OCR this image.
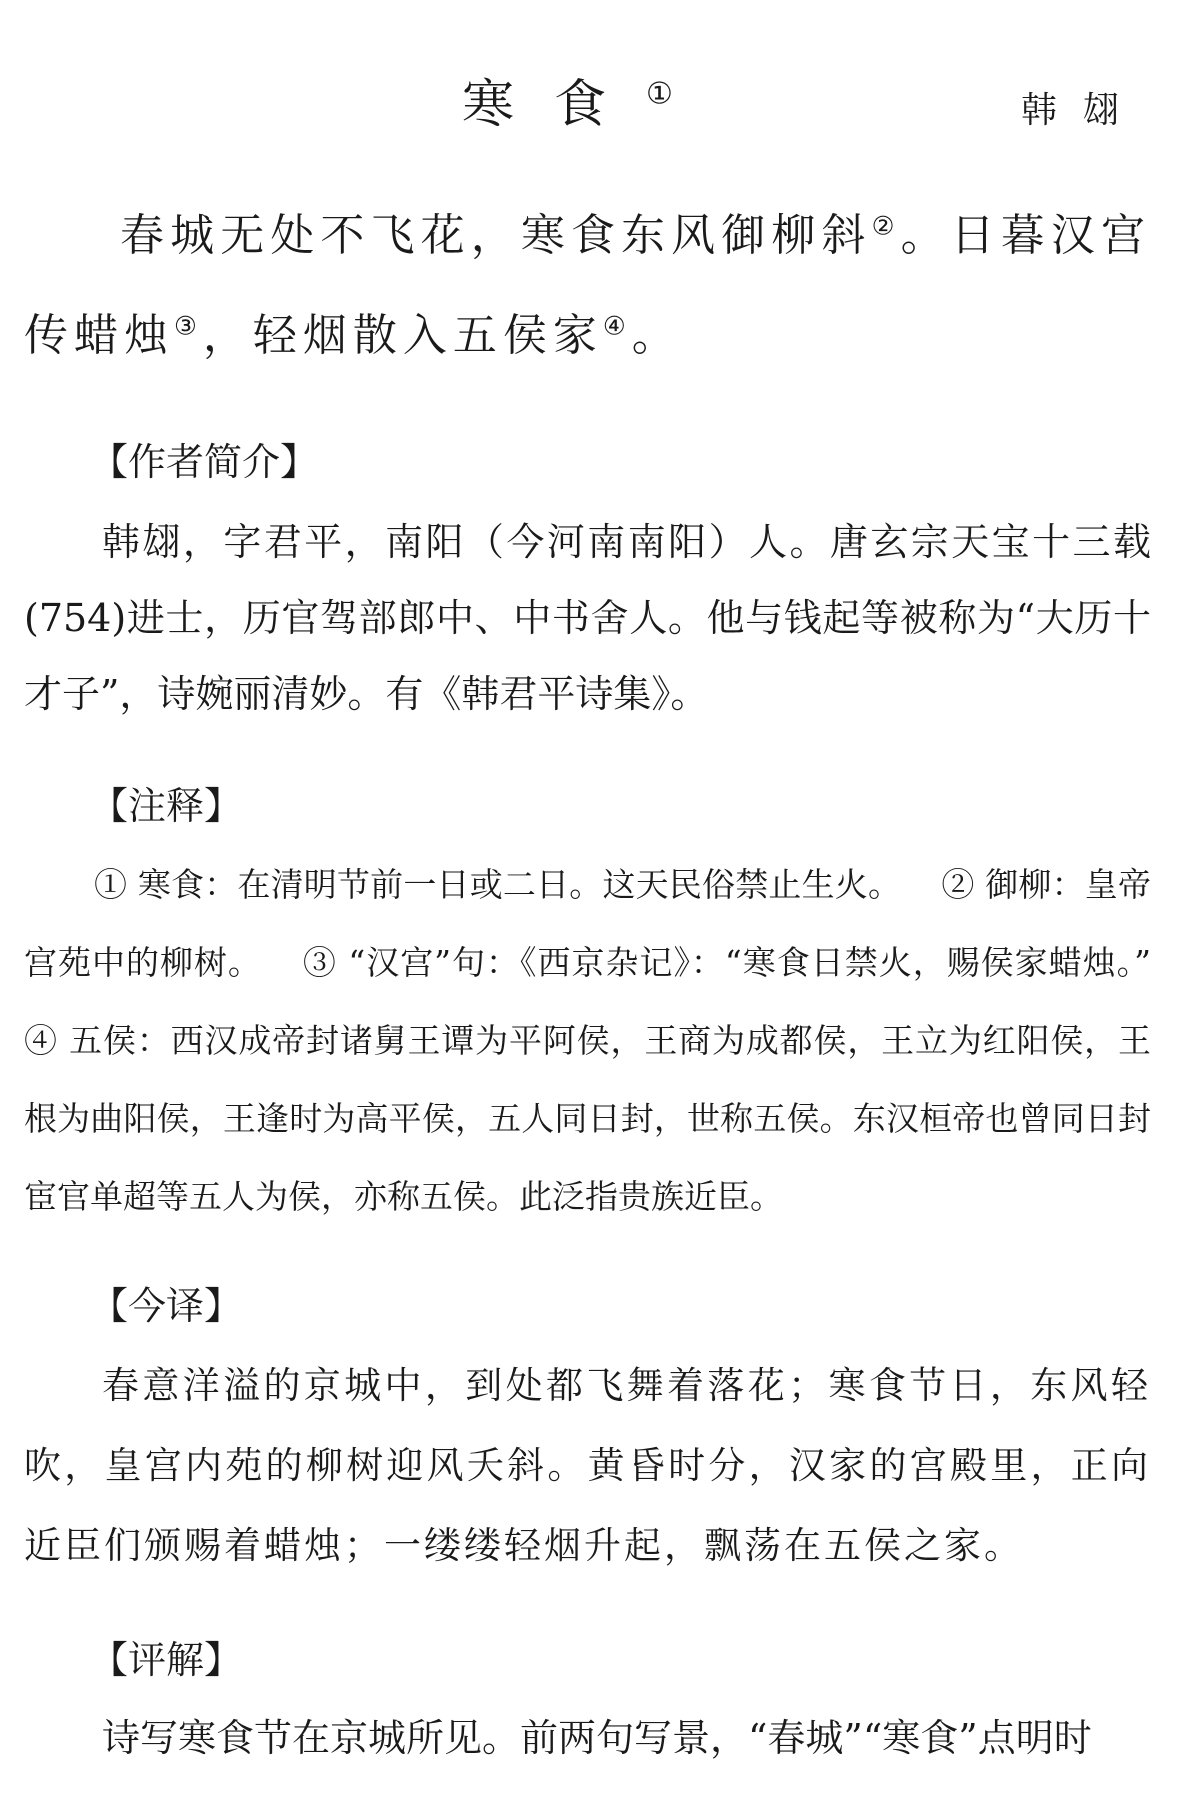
寒食①	韩翃

春城无处不飞花，寒食东风御柳斜②。日暮汉宫传蜡烛③，轻烟散入五侯家④。

【作者简介】

韩翃，字君平，南阳（今河南南阳）人。唐玄宗天宝十三载(754)进士，历官驾部郎中、中书舍人。他与钱起等被称为“大历十才子”，诗婉丽清妙。有《韩君平诗集》。

【注释】

① 寒食：在清明节前一日或二日。这天民俗禁止生火。 ② 御柳：皇帝宫苑中的柳树。 ③ “汉宫”句：《西京杂记》：“寒食日禁火，赐侯家蜡烛。” ④ 五侯：西汉成帝封诸舅王谭为平阿侯，王商为成都侯，王立为红阳侯，王根为曲阳侯，王逢时为高平侯，五人同日封，世称五侯。东汉桓帝也曾同日封宦官单超等五人为侯，亦称五侯。此泛指贵族近臣。

【今译】

春意洋溢的京城中，到处都飞舞着落花；寒食节日，东风轻吹，皇宫内苑的柳树迎风夭斜。黄昏时分，汉家的宫殿里，正向近臣们颁赐着蜡烛；一缕缕轻烟升起，飘荡在五侯之家。

【评解】

诗写寒食节在京城所见。前两句写景，“春城”“寒食”点明时
